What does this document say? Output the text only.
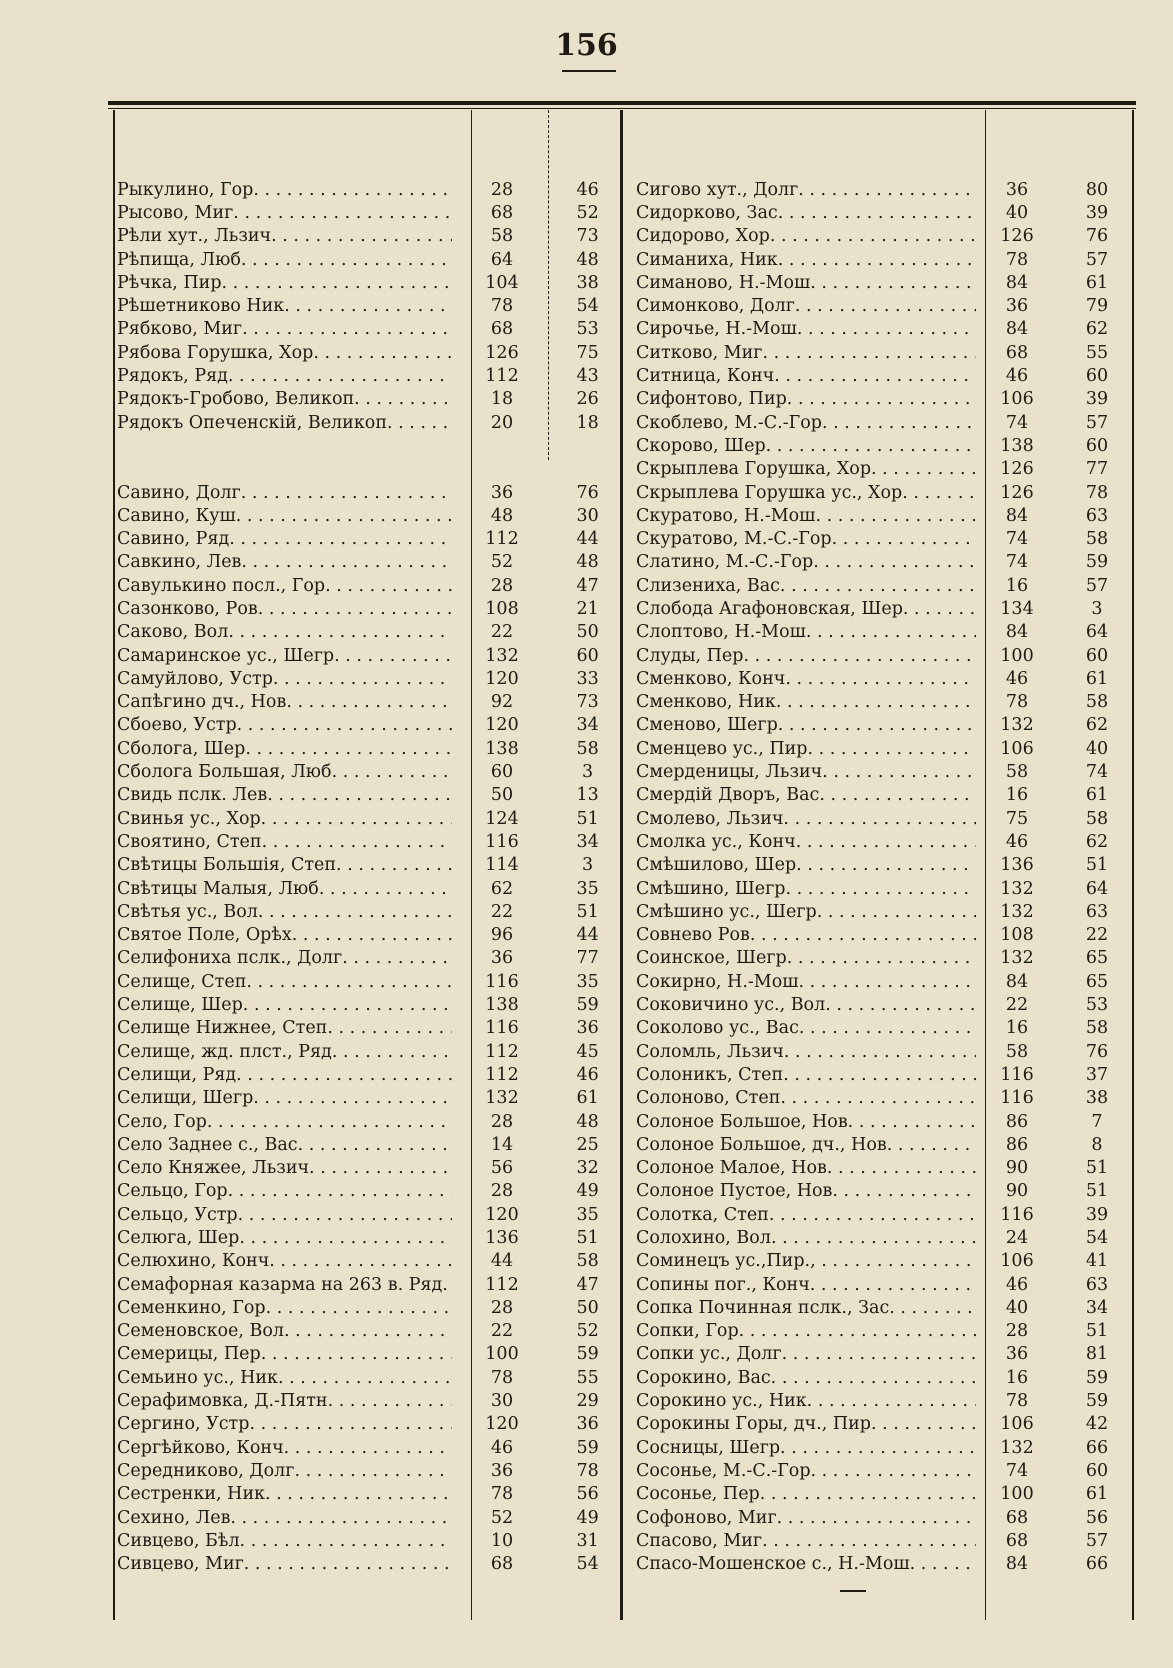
156
Рыкулино, Гор. . . .	28	46
Рысово, Миг. . . .	68	52
Рѣли хут., Льзич. . . .	58	73
Рѣпища, Люб. . . .	64	48
Рѣчка, Пир. . . .	104	38
Рѣшетниково Ник. . . .	78	54
Рябково, Миг. . . .	68	53
Рябова Горушка, Хор. . . .	126	75
Рядокъ, Ряд. . . .	112	43
Рядокъ-Гробово, Великоп. . . .	18	26
Рядокъ Опеченскій, Великоп. . . .	20	18
Савино, Долг. . . .	36	76
Савино, Куш. . . .	48	30
Савино, Ряд. . . .	112	44
Савкино, Лев. . . .	52	48
Савулькино посл., Гор. . . .	28	47
Сазонково, Ров. . . .	108	21
Саково, Вол. . . .	22	50
Самаринское ус., Шегр. . . .	132	60
Самуйлово, Устр. . . .	120	33
Сапѣгино дч., Нов. . . .	92	73
Сбоево, Устр. . . .	120	34
Сболога, Шер. . . .	138	58
Сбологa Большая, Люб. . . .	60	3
Свидь пслк. Лев. . . .	50	13
Свинья ус., Хор. . . .	124	51
Своятино, Степ. . . .	116	34
Свѣтицы Большія, Степ. . . .	114	3
Свѣтицы Малыя, Люб. . . .	62	35
Свѣтья ус., Вол. . . .	22	51
Святое Поле, Орѣх. . . .	96	44
Селифониха пслк., Долг. . . .	36	77
Селище, Степ. . . .	116	35
Селище, Шер. . . .	138	59
Селище Нижнее, Степ. . . .	116	36
Селище, жд. плст., Ряд. . . .	112	45
Селищи, Ряд. . . .	112	46
Селищи, Шегр. . . .	132	61
Село, Гор. . . .	28	48
Село Заднее с., Вас. . . .	14	25
Село Княжее, Льзич. . . .	56	32
Сельцо, Гор. . . .	28	49
Сельцо, Устр. . . .	120	35
Селюга, Шер. . . .	136	51
Селюхино, Конч. . . .	44	58
Семафорная казарма на 263 в. Ряд. . . .	112	47
Семенкино, Гор. . . .	28	50
Семеновское, Вол. . . .	22	52
Семерицы, Пер. . . .	100	59
Семьино ус., Ник. . . .	78	55
Серафимовка, Д.-Пятн. . . .	30	29
Сергино, Устр. . . .	120	36
Сергѣйково, Конч. . . .	46	59
Середниково, Долг. . . .	36	78
Сестренки, Ник. . . .	78	56
Сехино, Лев. . . .	52	49
Сивцево, Бѣл. . . .	10	31
Сивцево, Миг. . . .	68	54
Сигово хут., Долг. . . .	36	80
Сидорково, Зас. . . .	40	39
Сидорово, Хор. . . .	126	76
Симаниха, Ник. . . .	78	57
Симаново, Н.-Мош. . . .	84	61
Симонково, Долг. . . .	36	79
Сирочье, Н.-Мош. . . .	84	62
Ситково, Миг. . . .	68	55
Ситница, Конч. . . .	46	60
Сифонтово, Пир. . . .	106	39
Скоблево, М.-С.-Гор. . . .	74	57
Скорово, Шер. . . .	138	60
Скрыплева Горушка, Хор. . . .	126	77
Скрыплева Горушка ус., Хор. . . .	126	78
Скуратово, Н.-Мош. . . .	84	63
Скуратово, М.-С.-Гор. . . .	74	58
Слатино, М.-С.-Гор. . . .	74	59
Слизениха, Вас. . . .	16	57
Слобода Агафоновская, Шер. . . .	134	3
Слоптово, Н.-Мош. . . .	84	64
Слуды, Пер. . . .	100	60
Сменково, Конч. . . .	46	61
Сменково, Ник. . . .	78	58
Сменово, Шегр. . . .	132	62
Сменцево ус., Пир. . . .	106	40
Смерденицы, Льзич. . . .	58	74
Смердій Дворъ, Вас. . . .	16	61
Смолево, Льзич. . . .	75	58
Смолка ус., Конч. . . .	46	62
Смѣшилово, Шер. . . .	136	51
Смѣшино, Шегр. . . .	132	64
Смѣшино ус., Шегр. . . .	132	63
Совнево Ров. . . .	108	22
Соинское, Шегр. . . .	132	65
Сокирно, Н.-Мош. . . .	84	65
Соковичино ус., Вол. . . .	22	53
Соколово ус., Вас. . . .	16	58
Соломль, Льзич. . . .	58	76
Солоникъ, Степ. . . .	116	37
Солоново, Степ. . . .	116	38
Солоное Большое, Нов. . . .	86	7
Солоное Большое, дч., Нов. . . .	86	8
Солоное Малое, Нов. . . .	90	51
Солоное Пустое, Нов. . . .	90	51
Солотка, Степ. . . .	116	39
Солохино, Вол. . . .	24	54
Соминецъ ус.,Пир., . . .	106	41
Сопины пог., Конч. . . .	46	63
Сопка Починная пслк., Зас. . . .	40	34
Сопки, Гор. . . .	28	51
Сопки ус., Долг. . . .	36	81
Сорокино, Вас. . . .	16	59
Сорокино ус., Ник. . . .	78	59
Сорокины Горы, дч., Пир. . . .	106	42
Сосницы, Шегр. . . .	132	66
Сосонье, М.-С.-Гор. . . .	74	60
Сосонье, Пер. . . .	100	61
Софоново, Миг. . . .	68	56
Спасово, Миг. . . .	68	57
Спасо-Мошенское с., Н.-Мош. . . .	84	66
